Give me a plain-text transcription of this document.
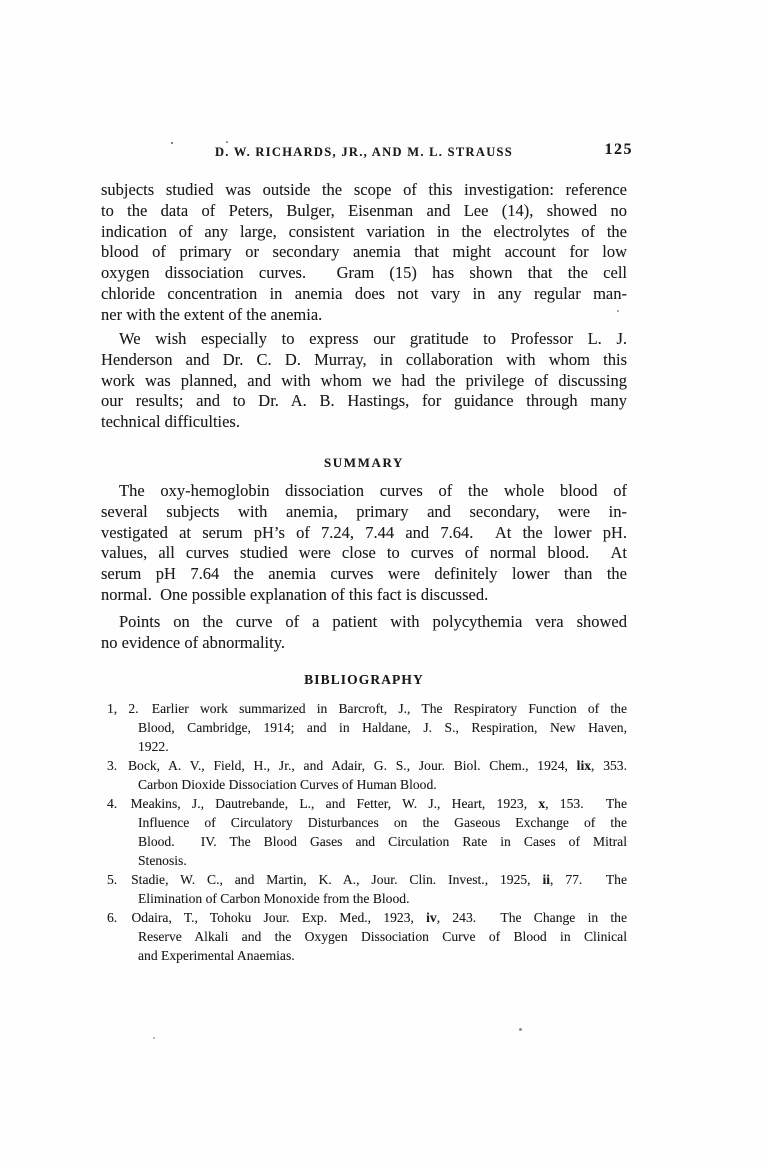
D. W. RICHARDS, JR., AND M. L. STRAUSS	125
subjects studied was outside the scope of this investigation: reference
to the data of Peters, Bulger, Eisenman and Lee (14), showed no
indication of any large, consistent variation in the electrolytes of the
blood of primary or secondary anemia that might account for low
oxygen dissociation curves.  Gram (15) has shown that the cell
chloride concentration in anemia does not vary in any regular man-
ner with the extent of the anemia.
We wish especially to express our gratitude to Professor L. J.
Henderson and Dr. C. D. Murray, in collaboration with whom this
work was planned, and with whom we had the privilege of discussing
our results; and to Dr. A. B. Hastings, for guidance through many
technical difficulties.
SUMMARY
The oxy-hemoglobin dissociation curves of the whole blood of
several subjects with anemia, primary and secondary, were in-
vestigated at serum pH’s of 7.24, 7.44 and 7.64.  At the lower pH.
values, all curves studied were close to curves of normal blood.  At
serum pH 7.64 the anemia curves were definitely lower than the
normal.  One possible explanation of this fact is discussed.
Points on the curve of a patient with polycythemia vera showed
no evidence of abnormality.
BIBLIOGRAPHY
1, 2. Earlier work summarized in Barcroft, J., The Respiratory Function of the
Blood, Cambridge, 1914; and in Haldane, J. S., Respiration, New Haven,
1922.
3. Bock, A. V., Field, H., Jr., and Adair, G. S., Jour. Biol. Chem., 1924, lix, 353.
Carbon Dioxide Dissociation Curves of Human Blood.
4. Meakins, J., Dautrebande, L., and Fetter, W. J., Heart, 1923, x, 153.  The
Influence of Circulatory Disturbances on the Gaseous Exchange of the
Blood.  IV. The Blood Gases and Circulation Rate in Cases of Mitral
Stenosis.
5. Stadie, W. C., and Martin, K. A., Jour. Clin. Invest., 1925, ii, 77.  The
Elimination of Carbon Monoxide from the Blood.
6. Odaira, T., Tohoku Jour. Exp. Med., 1923, iv, 243.  The Change in the
Reserve Alkali and the Oxygen Dissociation Curve of Blood in Clinical
and Experimental Anaemias.
